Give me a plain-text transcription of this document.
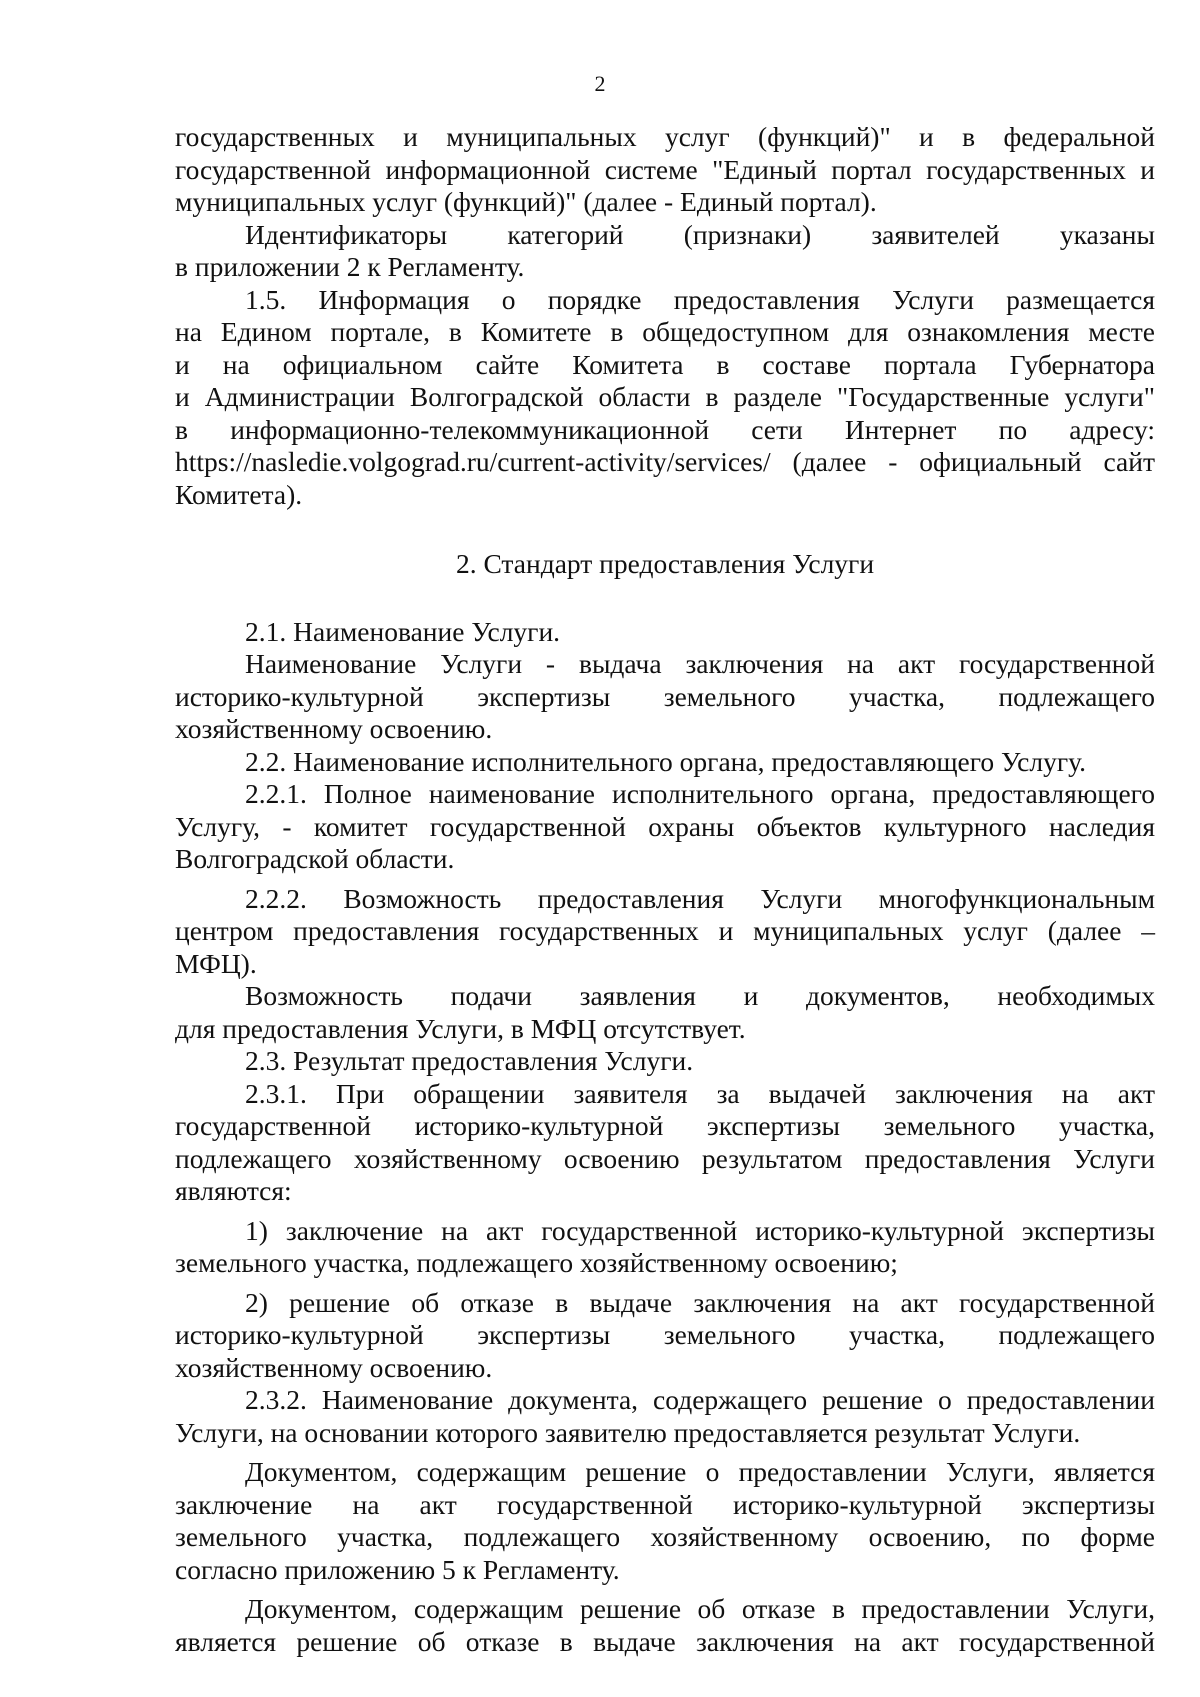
2

государственных и муниципальных услуг (функций)" и в федеральной

государственной информационной системе "Единый портал государственных и

муниципальных услуг (функций)" (далее - Единый портал).

Идентификаторы категорий (признаки) заявителей указаны

в приложении 2 к Регламенту.

1.5. Информация о порядке предоставления Услуги размещается

на Едином портале, в Комитете в общедоступном для ознакомления месте

и на официальном сайте Комитета в составе портала Губернатора

и Администрации Волгоградской области в разделе "Государственные услуги"

в информационно-телекоммуникационной сети Интернет по адресу:

https://nasledie.volgograd.ru/current-activity/services/ (далее - официальный сайт

Комитета).

2. Стандарт предоставления Услуги

2.1. Наименование Услуги.

Наименование Услуги - выдача заключения на акт государственной

историко-культурной экспертизы земельного участка, подлежащего

хозяйственному освоению.

2.2. Наименование исполнительного органа, предоставляющего Услугу.

2.2.1. Полное наименование исполнительного органа, предоставляющего

Услугу, - комитет государственной охраны объектов культурного наследия

Волгоградской области.

2.2.2. Возможность предоставления Услуги многофункциональным

центром предоставления государственных и муниципальных услуг (далее –

МФЦ).

Возможность подачи заявления и документов, необходимых

для предоставления Услуги, в МФЦ отсутствует.

2.3. Результат предоставления Услуги.

2.3.1. При обращении заявителя за выдачей заключения на акт

государственной историко-культурной экспертизы земельного участка,

подлежащего хозяйственному освоению результатом предоставления Услуги

являются:

1) заключение на акт государственной историко-культурной экспертизы

земельного участка, подлежащего хозяйственному освоению;

2) решение об отказе в выдаче заключения на акт государственной

историко-культурной экспертизы земельного участка, подлежащего

хозяйственному освоению.

2.3.2. Наименование документа, содержащего решение о предоставлении

Услуги, на основании которого заявителю предоставляется результат Услуги.

Документом, содержащим решение о предоставлении Услуги, является

заключение на акт государственной историко-культурной экспертизы

земельного участка, подлежащего хозяйственному освоению, по форме

согласно приложению 5 к Регламенту.

Документом, содержащим решение об отказе в предоставлении Услуги,

является решение об отказе в выдаче заключения на акт государственной
